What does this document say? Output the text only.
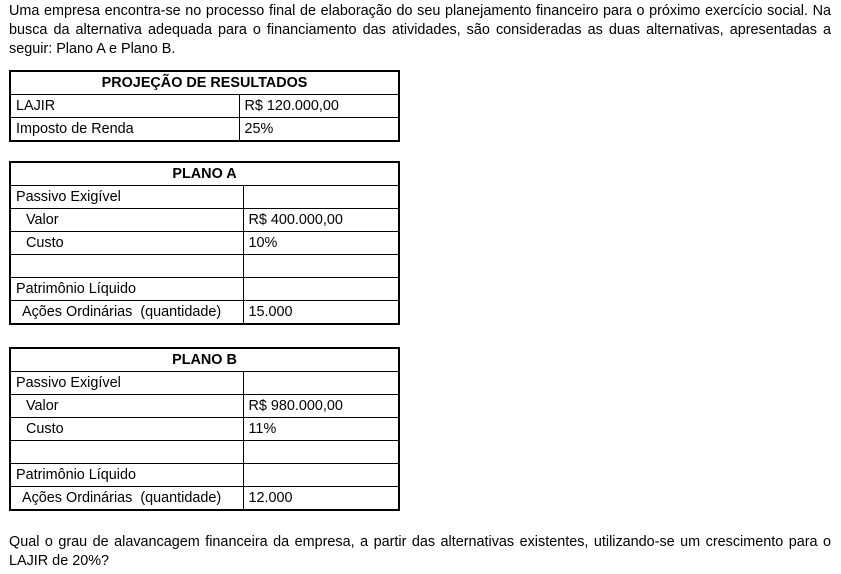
Uma empresa encontra-se no processo final de elaboração do seu planejamento financeiro para o próximo exercício social. Na busca da alternativa adequada para o financiamento das atividades, são consideradas as duas alternativas, apresentadas a seguir: Plano A e Plano B.

PROJEÇÃO DE RESULTADOS	
LAJIR	R$ 120.000,00
Imposto de Renda	25%
PLANO A	
Passivo Exigível	
Valor	R$ 400.000,00
Custo	10%

Patrimônio Líquido	
Ações Ordinárias  (quantidade)	15.000
PLANO B	
Passivo Exigível	
Valor	R$ 980.000,00
Custo	11%

Patrimônio Líquido	
Ações Ordinárias  (quantidade)	12.000

Qual o grau de alavancagem financeira da empresa, a partir das alternativas existentes, utilizando-se um crescimento para o LAJIR de 20%?
